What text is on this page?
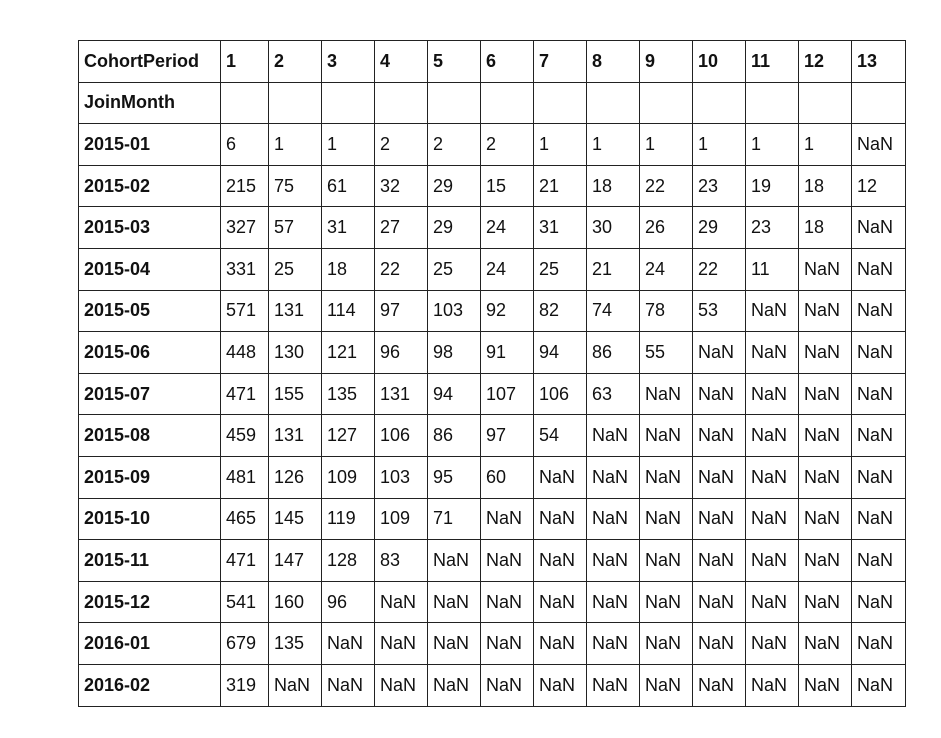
CohortPeriod	1	2	3	4	5	6	7	8	9	10	11	12	13
JoinMonth													
2015-01	6	1	1	2	2	2	1	1	1	1	1	1	NaN
2015-02	215	75	61	32	29	15	21	18	22	23	19	18	12
2015-03	327	57	31	27	29	24	31	30	26	29	23	18	NaN
2015-04	331	25	18	22	25	24	25	21	24	22	11	NaN	NaN
2015-05	571	131	114	97	103	92	82	74	78	53	NaN	NaN	NaN
2015-06	448	130	121	96	98	91	94	86	55	NaN	NaN	NaN	NaN
2015-07	471	155	135	131	94	107	106	63	NaN	NaN	NaN	NaN	NaN
2015-08	459	131	127	106	86	97	54	NaN	NaN	NaN	NaN	NaN	NaN
2015-09	481	126	109	103	95	60	NaN	NaN	NaN	NaN	NaN	NaN	NaN
2015-10	465	145	119	109	71	NaN	NaN	NaN	NaN	NaN	NaN	NaN	NaN
2015-11	471	147	128	83	NaN	NaN	NaN	NaN	NaN	NaN	NaN	NaN	NaN
2015-12	541	160	96	NaN	NaN	NaN	NaN	NaN	NaN	NaN	NaN	NaN	NaN
2016-01	679	135	NaN	NaN	NaN	NaN	NaN	NaN	NaN	NaN	NaN	NaN	NaN
2016-02	319	NaN	NaN	NaN	NaN	NaN	NaN	NaN	NaN	NaN	NaN	NaN	NaN
